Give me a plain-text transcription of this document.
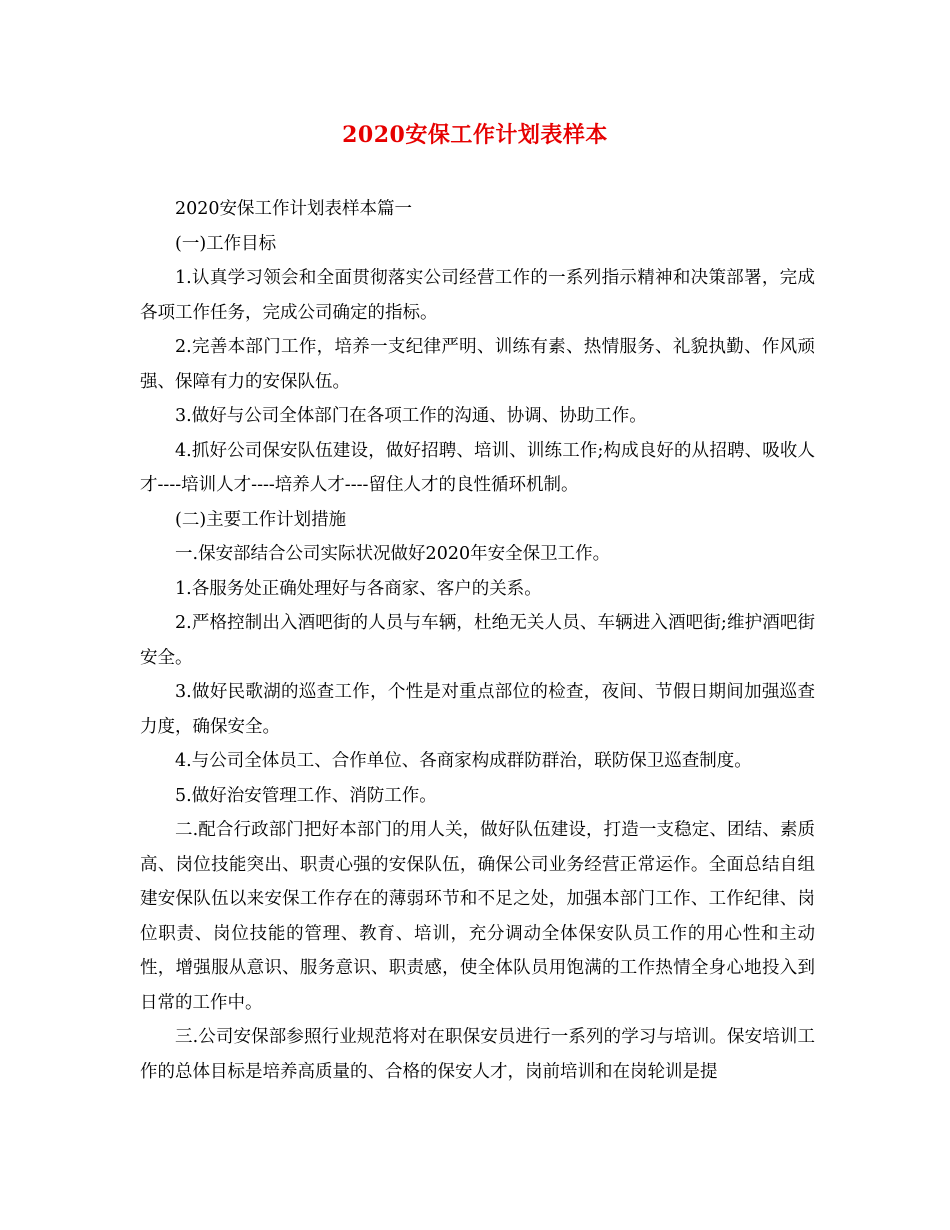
2020安保工作计划表样本

2020安保工作计划表样本篇一

(一)工作目标

1.认真学习领会和全面贯彻落实公司经营工作的一系列指示精神和决策部署，完成各项工作任务，完成公司确定的指标。

2.完善本部门工作，培养一支纪律严明、训练有素、热情服务、礼貌执勤、作风顽强、保障有力的安保队伍。

3.做好与公司全体部门在各项工作的沟通、协调、协助工作。

4.抓好公司保安队伍建设，做好招聘、培训、训练工作;构成良好的从招聘、吸收人才----培训人才----培养人才----留住人才的良性循环机制。

(二)主要工作计划措施

一.保安部结合公司实际状况做好2020年安全保卫工作。

1.各服务处正确处理好与各商家、客户的关系。

2.严格控制出入酒吧街的人员与车辆，杜绝无关人员、车辆进入酒吧街;维护酒吧街安全。

3.做好民歌湖的巡查工作，个性是对重点部位的检查，夜间、节假日期间加强巡查力度，确保安全。

4.与公司全体员工、合作单位、各商家构成群防群治，联防保卫巡查制度。

5.做好治安管理工作、消防工作。

二.配合行政部门把好本部门的用人关，做好队伍建设，打造一支稳定、团结、素质高、岗位技能突出、职责心强的安保队伍，确保公司业务经营正常运作。全面总结自组建安保队伍以来安保工作存在的薄弱环节和不足之处，加强本部门工作、工作纪律、岗位职责、岗位技能的管理、教育、培训，充分调动全体保安队员工作的用心性和主动性，增强服从意识、服务意识、职责感，使全体队员用饱满的工作热情全身心地投入到日常的工作中。

三.公司安保部参照行业规范将对在职保安员进行一系列的学习与培训。保安培训工作的总体目标是培养高质量的、合格的保安人才，岗前培训和在岗轮训是提
